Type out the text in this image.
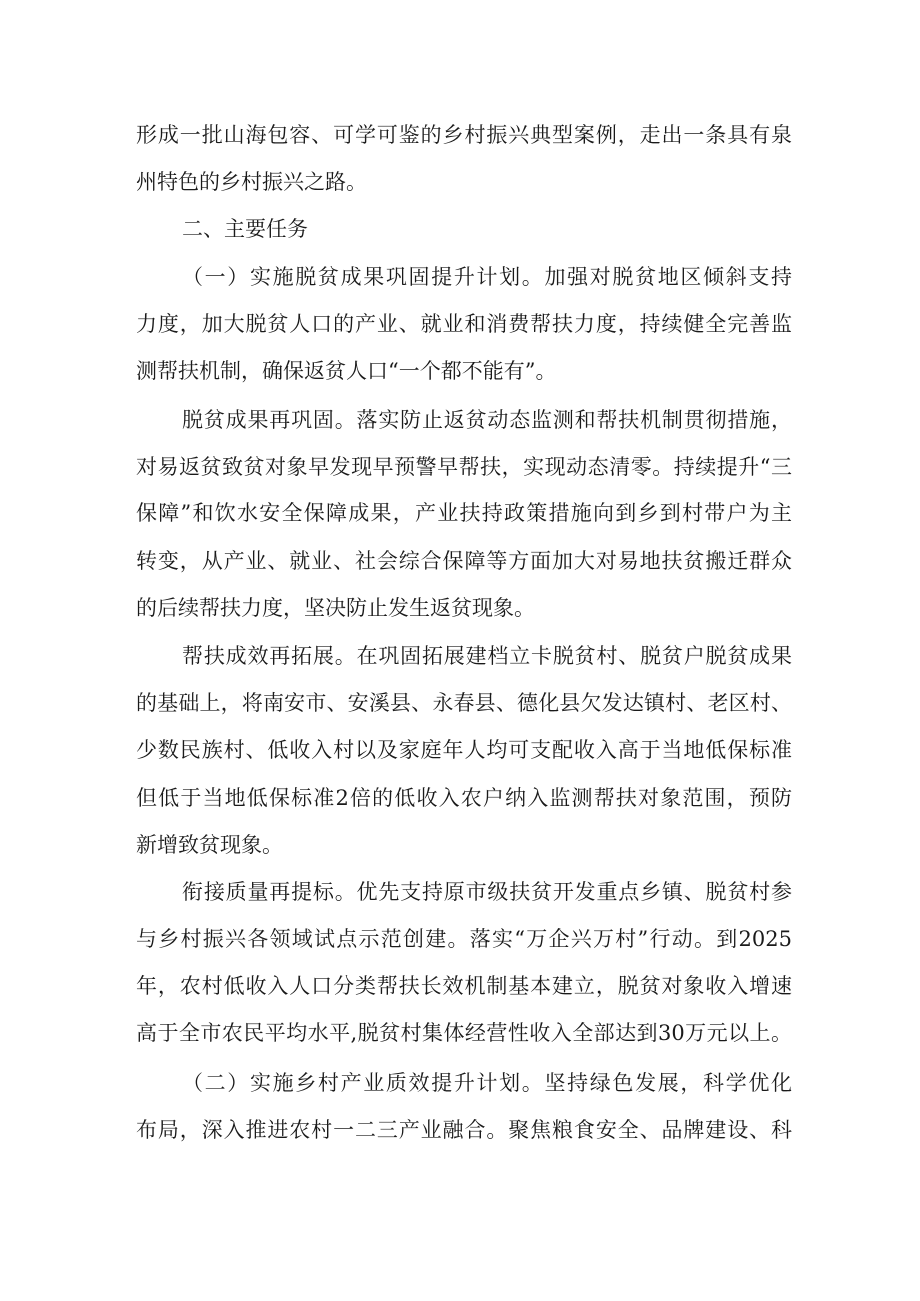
形成一批山海包容、可学可鉴的乡村振兴典型案例，走出一条具有泉
州特色的乡村振兴之路。
二、主要任务
（一）实施脱贫成果巩固提升计划。加强对脱贫地区倾斜支持
力度，加大脱贫人口的产业、就业和消费帮扶力度，持续健全完善监
测帮扶机制，确保返贫人口“一个都不能有”。
脱贫成果再巩固。落实防止返贫动态监测和帮扶机制贯彻措施，
对易返贫致贫对象早发现早预警早帮扶，实现动态清零。持续提升“三
保障”和饮水安全保障成果，产业扶持政策措施向到乡到村带户为主
转变，从产业、就业、社会综合保障等方面加大对易地扶贫搬迁群众
的后续帮扶力度，坚决防止发生返贫现象。
帮扶成效再拓展。在巩固拓展建档立卡脱贫村、脱贫户脱贫成果
的基础上，将南安市、安溪县、永春县、德化县欠发达镇村、老区村、
少数民族村、低收入村以及家庭年人均可支配收入高于当地低保标准
但低于当地低保标准2倍的低收入农户纳入监测帮扶对象范围，预防
新增致贫现象。
衔接质量再提标。优先支持原市级扶贫开发重点乡镇、脱贫村参
与乡村振兴各领域试点示范创建。落实“万企兴万村”行动。到2025
年，农村低收入人口分类帮扶长效机制基本建立，脱贫对象收入增速
高于全市农民平均水平,脱贫村集体经营性收入全部达到30万元以上。
（二）实施乡村产业质效提升计划。坚持绿色发展，科学优化
布局，深入推进农村一二三产业融合。聚焦粮食安全、品牌建设、科
